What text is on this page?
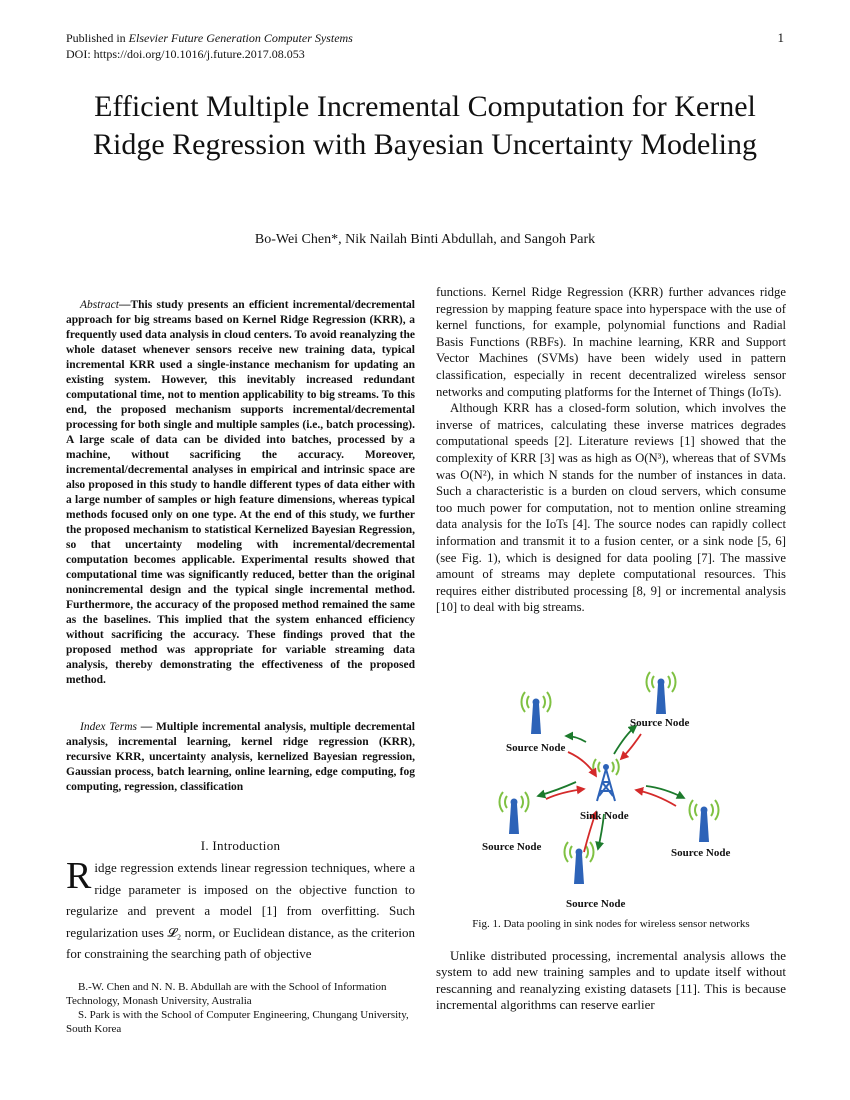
Published in Elsevier Future Generation Computer Systems
DOI: https://doi.org/10.1016/j.future.2017.08.053
1
Efficient Multiple Incremental Computation for Kernel Ridge Regression with Bayesian Uncertainty Modeling
Bo-Wei Chen*, Nik Nailah Binti Abdullah, and Sangoh Park
Abstract—This study presents an efficient incremental/decremental approach for big streams based on Kernel Ridge Regression (KRR), a frequently used data analysis in cloud centers. To avoid reanalyzing the whole dataset whenever sensors receive new training data, typical incremental KRR used a single-instance mechanism for updating an existing system. However, this inevitably increased redundant computational time, not to mention applicability to big streams. To this end, the proposed mechanism supports incremental/decremental processing for both single and multiple samples (i.e., batch processing). A large scale of data can be divided into batches, processed by a machine, without sacrificing the accuracy. Moreover, incremental/decremental analyses in empirical and intrinsic space are also proposed in this study to handle different types of data either with a large number of samples or high feature dimensions, whereas typical methods focused only on one type. At the end of this study, we further the proposed mechanism to statistical Kernelized Bayesian Regression, so that uncertainty modeling with incremental/decremental computation becomes applicable. Experimental results showed that computational time was significantly reduced, better than the original nonincremental design and the typical single incremental method. Furthermore, the accuracy of the proposed method remained the same as the baselines. This implied that the system enhanced efficiency without sacrificing the accuracy. These findings proved that the proposed method was appropriate for variable streaming data analysis, thereby demonstrating the effectiveness of the proposed method.
Index Terms — Multiple incremental analysis, multiple decremental analysis, incremental learning, kernel ridge regression (KRR), recursive KRR, uncertainty analysis, kernelized Bayesian regression, Gaussian process, batch learning, online learning, edge computing, fog computing, regression, classification
I. Introduction
Ridge regression extends linear regression techniques, where a ridge parameter is imposed on the objective function to regularize and prevent a model [1] from overfitting. Such regularization uses 𝓛₂ norm, or Euclidean distance, as the criterion for constraining the searching path of objective

B.-W. Chen and N. N. B. Abdullah are with the School of Information Technology, Monash University, Australia

S. Park is with the School of Computer Engineering, Chungang University, South Korea

functions. Kernel Ridge Regression (KRR) further advances ridge regression by mapping feature space into hyperspace with the use of kernel functions, for example, polynomial functions and Radial Basis Functions (RBFs). In machine learning, KRR and Support Vector Machines (SVMs) have been widely used in pattern classification, especially in recent decentralized wireless sensor networks and computing platforms for the Internet of Things (IoTs).

Although KRR has a closed-form solution, which involves the inverse of matrices, calculating these inverse matrices degrades computational speeds [2]. Literature reviews [1] showed that the complexity of KRR [3] was as high as O(N³), whereas that of SVMs was O(N²), in which N stands for the number of instances in data. Such a characteristic is a burden on cloud servers, which consume too much power for computation, not to mention online streaming data analysis for the IoTs [4]. The source nodes can rapidly collect information and transmit it to a fusion center, or a sink node [5, 6] (see Fig. 1), which is designed for data pooling [7]. The massive amount of streams may deplete computational resources. This requires either distributed processing [8, 9] or incremental analysis [10] to deal with big streams.

Source Node
Source Node
Source Node	Source Node
Source Node
Sink Node
Fig. 1. Data pooling in sink nodes for wireless sensor networks

Unlike distributed processing, incremental analysis allows the system to add new training samples and to update itself without rescanning and reanalyzing existing datasets [11]. This is because incremental algorithms can reserve earlier
